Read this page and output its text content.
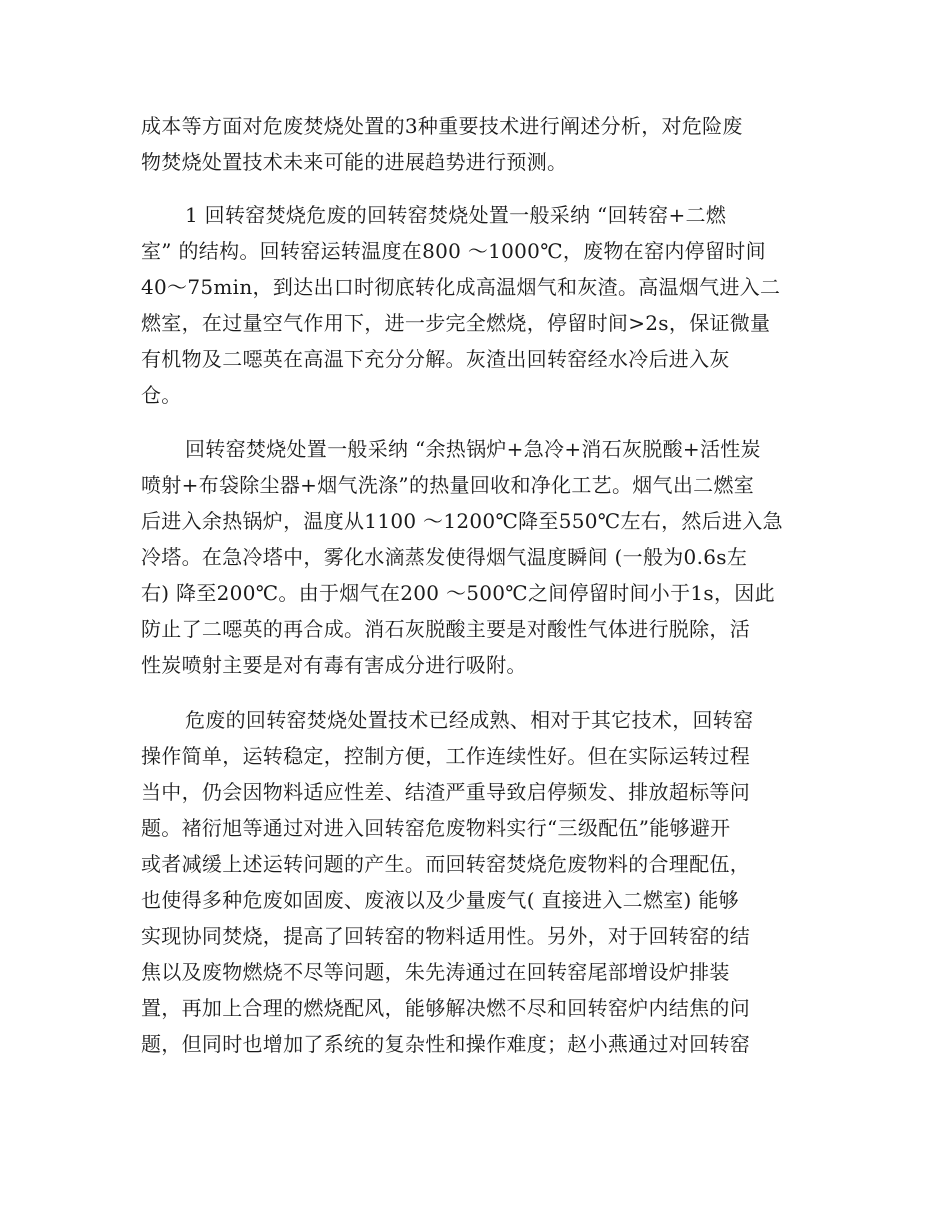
成本等方面对危废焚烧处置的3种重要技术进行阐述分析，对危险废
物焚烧处置技术未来可能的进展趋势进行预测。
1 回转窑焚烧危废的回转窑焚烧处置一般采纳 “回转窑+二燃
室” 的结构。回转窑运转温度在800 ～1000℃，废物在窑内停留时间
40～75min，到达出口时彻底转化成高温烟气和灰渣。高温烟气进入二
燃室，在过量空气作用下，进一步完全燃烧，停留时间>2s，保证微量
有机物及二噁英在高温下充分分解。灰渣出回转窑经水冷后进入灰
仓。
回转窑焚烧处置一般采纳 “余热锅炉+急冷+消石灰脱酸+活性炭
喷射+布袋除尘器+烟气洗涤”的热量回收和净化工艺。烟气出二燃室
后进入余热锅炉，温度从1100 ～1200℃降至550℃左右，然后进入急
冷塔。在急冷塔中，雾化水滴蒸发使得烟气温度瞬间 (一般为0.6s左
右) 降至200℃。由于烟气在200 ～500℃之间停留时间小于1s，因此
防止了二噁英的再合成。消石灰脱酸主要是对酸性气体进行脱除，活
性炭喷射主要是对有毒有害成分进行吸附。
危废的回转窑焚烧处置技术已经成熟、相对于其它技术，回转窑
操作简单，运转稳定，控制方便，工作连续性好。但在实际运转过程
当中，仍会因物料适应性差、结渣严重导致启停频发、排放超标等问
题。褚衍旭等通过对进入回转窑危废物料实行“三级配伍”能够避开
或者减缓上述运转问题的产生。而回转窑焚烧危废物料的合理配伍，
也使得多种危废如固废、废液以及少量废气( 直接进入二燃室) 能够
实现协同焚烧，提高了回转窑的物料适用性。另外，对于回转窑的结
焦以及废物燃烧不尽等问题，朱先涛通过在回转窑尾部增设炉排装
置，再加上合理的燃烧配风，能够解决燃不尽和回转窑炉内结焦的问
题，但同时也增加了系统的复杂性和操作难度；赵小燕通过对回转窑
